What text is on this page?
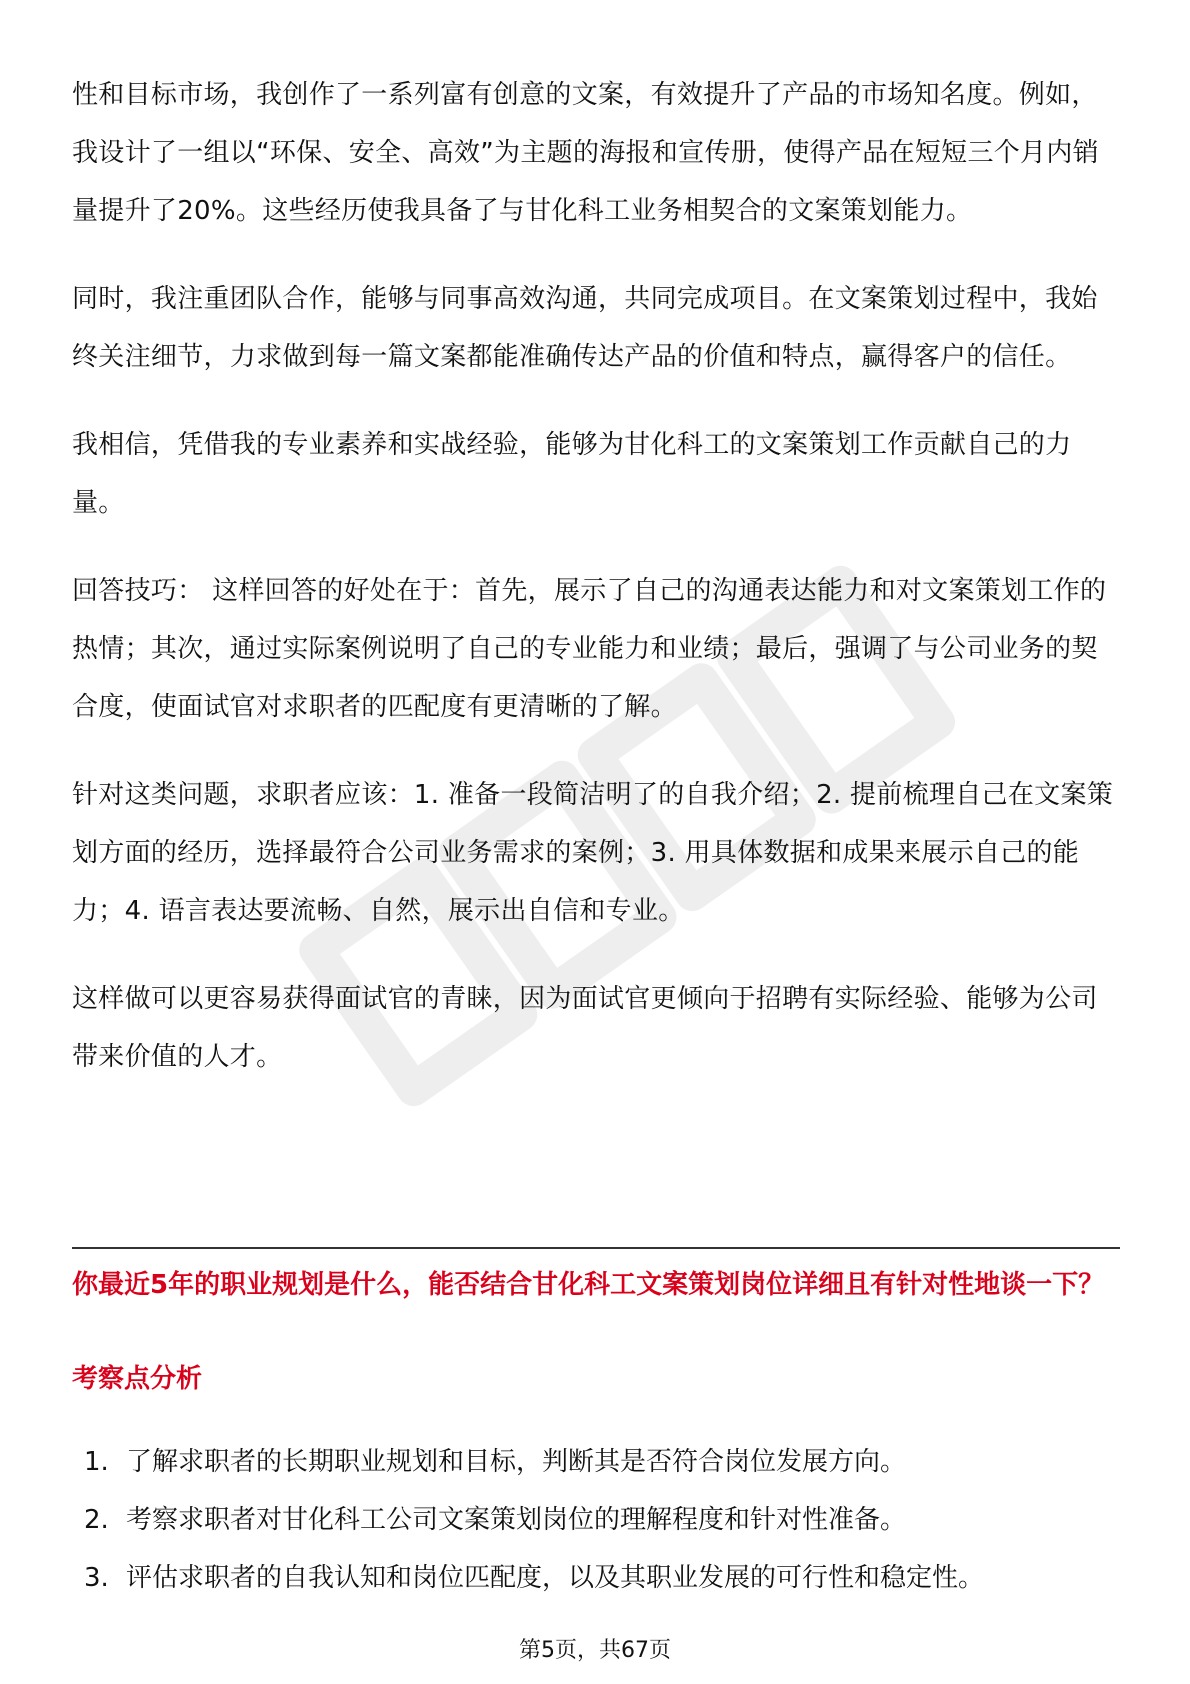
性和目标市场，我创作了一系列富有创意的文案，有效提升了产品的市场知名度。例如，我设计了一组以“环保、安全、高效”为主题的海报和宣传册，使得产品在短短三个月内销量提升了20%。这些经历使我具备了与甘化科工业务相契合的文案策划能力。

同时，我注重团队合作，能够与同事高效沟通，共同完成项目。在文案策划过程中，我始终关注细节，力求做到每一篇文案都能准确传达产品的价值和特点，赢得客户的信任。

我相信，凭借我的专业素养和实战经验，能够为甘化科工的文案策划工作贡献自己的力量。

回答技巧： 这样回答的好处在于：首先，展示了自己的沟通表达能力和对文案策划工作的热情；其次，通过实际案例说明了自己的专业能力和业绩；最后，强调了与公司业务的契合度，使面试官对求职者的匹配度有更清晰的了解。

针对这类问题，求职者应该：1. 准备一段简洁明了的自我介绍；2. 提前梳理自己在文案策划方面的经历，选择最符合公司业务需求的案例；3. 用具体数据和成果来展示自己的能力；4. 语言表达要流畅、自然，展示出自信和专业。

这样做可以更容易获得面试官的青睐，因为面试官更倾向于招聘有实际经验、能够为公司带来价值的人才。

你最近5年的职业规划是什么，能否结合甘化科工文案策划岗位详细且有针对性地谈一下？
考察点分析
1. 了解求职者的长期职业规划和目标，判断其是否符合岗位发展方向。
2. 考察求职者对甘化科工公司文案策划岗位的理解程度和针对性准备。
3. 评估求职者的自我认知和岗位匹配度，以及其职业发展的可行性和稳定性。
第5页，共67页
